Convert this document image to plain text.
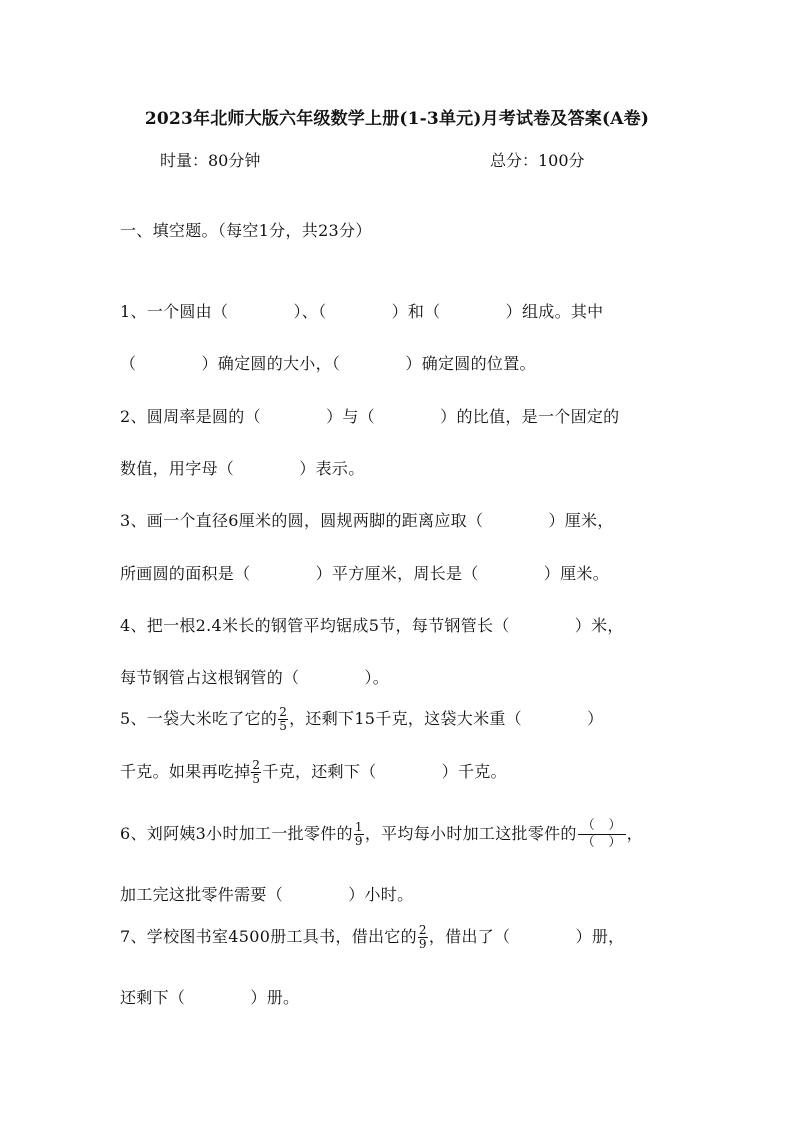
2023年北师大版六年级数学上册(1-3单元)月考试卷及答案(A卷)
时量：80分钟	总分：100分
一、填空题。（每空1分，共23分）
1、一个圆由（　　　　）、（　　　　）和（　　　　）组成。其中
（　　　　）确定圆的大小，（　　　　）确定圆的位置。
2、圆周率是圆的（　　　　）与（　　　　）的比值，是一个固定的
数值，用字母（　　　　）表示。
3、画一个直径6厘米的圆，圆规两脚的距离应取（　　　　）厘米，
所画圆的面积是（　　　　）平方厘米，周长是（　　　　）厘米。
4、把一根2.4米长的钢管平均锯成5节，每节钢管长（　　　　）米，
每节钢管占这根钢管的（　　　　）。
5、一袋大米吃了它的 $\frac{2}{5}$ ，还剩下15千克，这袋大米重（　　　　）
千克。如果再吃掉 $\frac{2}{5}$ 千克，还剩下（　　　　）千克。
6、刘阿姨3小时加工一批零件的 $\frac{1}{9}$ ，平均每小时加工这批零件的 $\frac{( )}{( )}$ ，
加工完这批零件需要（　　　　）小时。
7、学校图书室4500册工具书，借出它的 $\frac{2}{9}$ ，借出了（　　　　）册，
还剩下（　　　　）册。
